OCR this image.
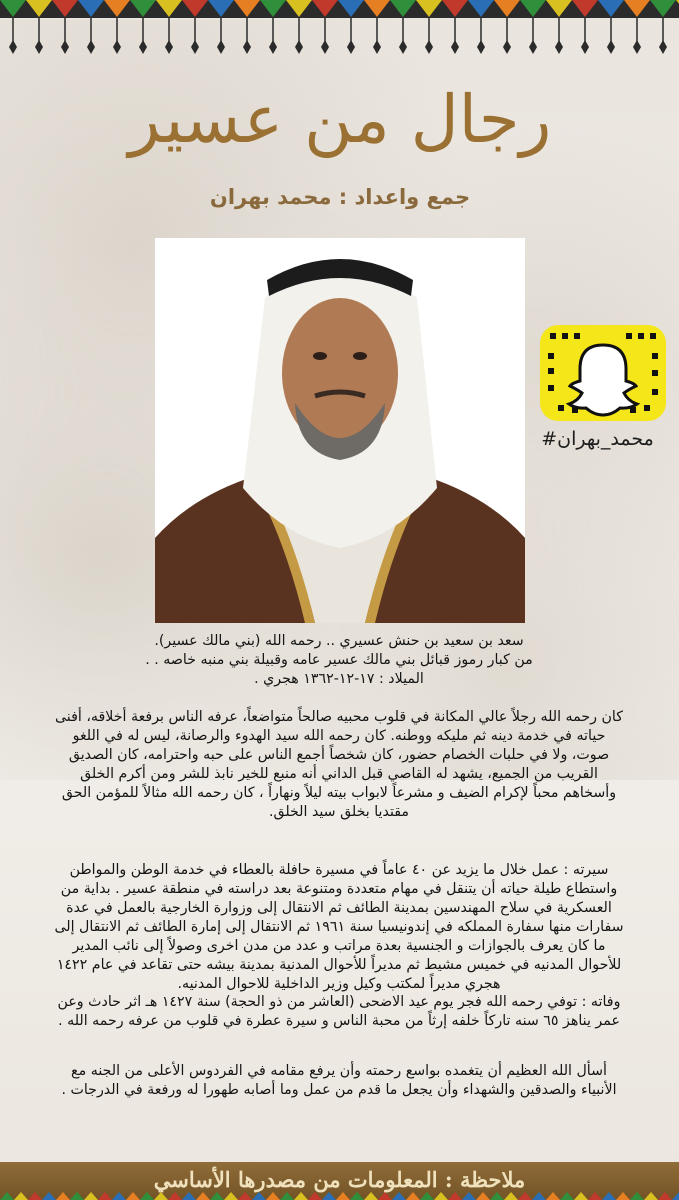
رجال من عسير
جمع واعداد : محمد بهران
#محمد_بهران
سعد بن سعيد بن حنش عسيري .. رحمه الله (بني مالك عسير).
من كبار رموز قبائل بني مالك عسير عامه وقبيلة بني منبه خاصه . .
الميلاد : ١٧-١٢-١٣٦٢ هجري .
كان رحمه الله رجلاً عالي المكانة في قلوب محبيه صالحاً متواضعاً، عرفه الناس برفعة أخلاقه، أفنى
حياته في خدمة دينه ثم مليكه ووطنه. كان رحمه الله سيد الهدوء والرصانة، ليس له في اللغو
صوت، ولا في حلبات الخصام حضور، كان شخصاً أجمع الناس على حبه واحترامه، كان الصديق
القريب من الجميع، يشهد له القاصي قبل الداني أنه منبع للخير نابذ للشر ومن أكرم الخلق
وأسخاهم محباً لإكرام الضيف و مشرعاً لابواب بيته ليلاً ونهاراً ، كان رحمه الله مثالاً للمؤمن الحق
مقتديا بخلق سيد الخلق.
سيرته : عمل خلال ما يزيد عن ٤٠ عاماً في مسيرة حافلة بالعطاء في خدمة الوطن والمواطن
واستطاع طيلة حياته أن يتنقل في مهام متعددة ومتنوعة بعد دراسته في منطقة عسير . بداية من
العسكرية في سلاح المهندسين بمدينة الطائف ثم الانتقال إلى وزوارة الخارجية بالعمل في عدة
سفارات منها سفارة المملكه في إندونيسيا سنة ١٩٦١ ثم الانتقال إلى إمارة الطائف ثم الانتقال إلى
ما كان يعرف بالجوازات و الجنسية بعدة مراتب و عدد من مدن اخرى وصولاً إلى نائب المدير
للأحوال المدنيه في خميس مشيط ثم مديراً للأحوال المدنية بمدينة بيشه حتى تقاعد في عام ١٤٢٢
هجري مديراً لمكتب وكيل وزير الداخلية للاحوال المدنيه.
وفاته : توفي رحمه الله فجر يوم عيد الاضحى (العاشر من ذو الحجة) سنة ١٤٢٧ هـ اثر حادث وعن
عمر يناهز ٦٥ سنه تاركاً خلفه إرثاً من محبة الناس و سيرة عطرة في قلوب من عرفه رحمه الله .
أسأل الله العظيم أن يتغمده بواسع رحمته وأن يرفع مقامه في الفردوس الأعلى من الجنه مع
الأنبياء والصدقين والشهداء وأن يجعل ما قدم من عمل وما أصابه طهورا له ورفعة في الدرجات .
ملاحظة : المعلومات من مصدرها الأساسي
